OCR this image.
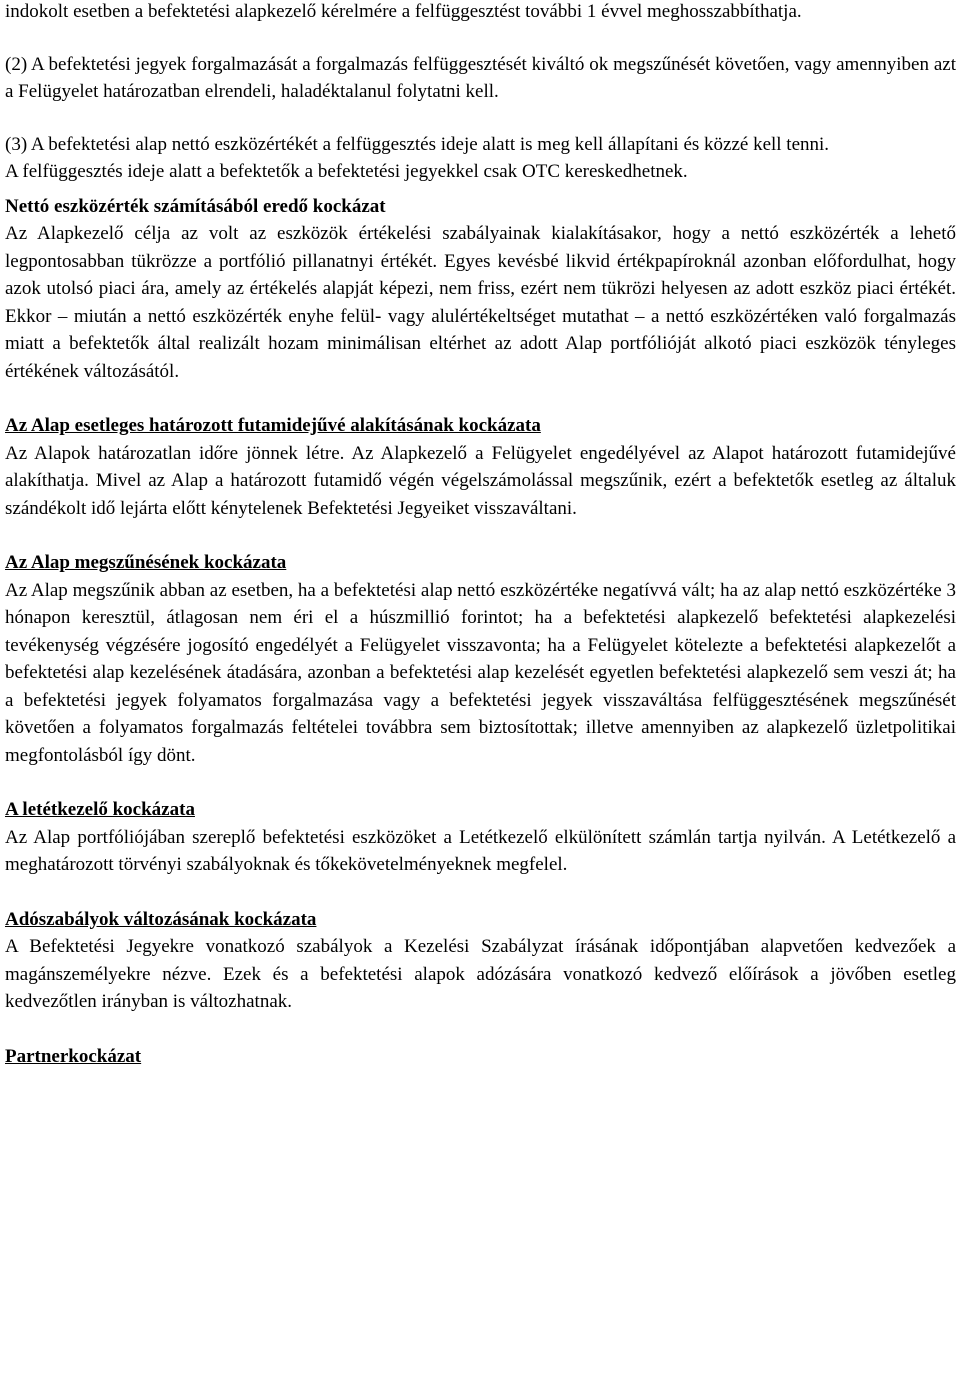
indokolt esetben a befektetési alapkezelő kérelmére a felfüggesztést további 1 évvel meghosszabbíthatja.

(2) A befektetési jegyek forgalmazását a forgalmazás felfüggesztését kiváltó ok megszűnését követően, vagy amennyiben azt a Felügyelet határozatban elrendeli, haladéktalanul folytatni kell.

(3) A befektetési alap nettó eszközértékét a felfüggesztés ideje alatt is meg kell állapítani és közzé kell tenni.

A felfüggesztés ideje alatt a befektetők a befektetési jegyekkel csak OTC kereskedhetnek.

Nettó eszközérték számításából eredő kockázat

Az Alapkezelő célja az volt az eszközök értékelési szabályainak kialakításakor, hogy a nettó eszközérték a lehető legpontosabban tükrözze a portfólió pillanatnyi értékét. Egyes kevésbé likvid értékpapíroknál azonban előfordulhat, hogy azok utolsó piaci ára, amely az értékelés alapját képezi, nem friss, ezért nem tükrözi helyesen az adott eszköz piaci értékét. Ekkor – miután a nettó eszközérték enyhe felül- vagy alulértékeltséget mutathat – a nettó eszközértéken való forgalmazás miatt a befektetők által realizált hozam minimálisan eltérhet az adott Alap portfólióját alkotó piaci eszközök tényleges értékének változásától.

Az Alap esetleges határozott futamidejűvé alakításának kockázata

Az Alapok határozatlan időre jönnek létre. Az Alapkezelő a Felügyelet engedélyével az Alapot határozott futamidejűvé alakíthatja. Mivel az Alap a határozott futamidő végén végelszámolással megszűnik, ezért a befektetők esetleg az általuk szándékolt idő lejárta előtt kénytelenek Befektetési Jegyeiket visszaváltani.

Az Alap megszűnésének kockázata

Az Alap megszűnik abban az esetben, ha a befektetési alap nettó eszközértéke negatívvá vált; ha az alap nettó eszközértéke 3 hónapon keresztül, átlagosan nem éri el a húszmillió forintot; ha a befektetési alapkezelő befektetési alapkezelési tevékenység végzésére jogosító engedélyét a Felügyelet visszavonta; ha a Felügyelet kötelezte a befektetési alapkezelőt a befektetési alap kezelésének átadására, azonban a befektetési alap kezelését egyetlen befektetési alapkezelő sem veszi át; ha a befektetési jegyek folyamatos forgalmazása vagy a befektetési jegyek visszaváltása felfüggesztésének megszűnését követően a folyamatos forgalmazás feltételei továbbra sem biztosítottak; illetve amennyiben az alapkezelő üzletpolitikai megfontolásból így dönt.

A letétkezelő kockázata

Az Alap portfóliójában szereplő befektetési eszközöket a Letétkezelő elkülönített számlán tartja nyilván. A Letétkezelő a meghatározott törvényi szabályoknak és tőkekövetelményeknek megfelel.

Adószabályok változásának kockázata

A Befektetési Jegyekre vonatkozó szabályok a Kezelési Szabályzat írásának időpontjában alapvetően kedvezőek a magánszemélyekre nézve. Ezek és a befektetési alapok adózására vonatkozó kedvező előírások a jövőben esetleg kedvezőtlen irányban is változhatnak.

Partnerkockázat
